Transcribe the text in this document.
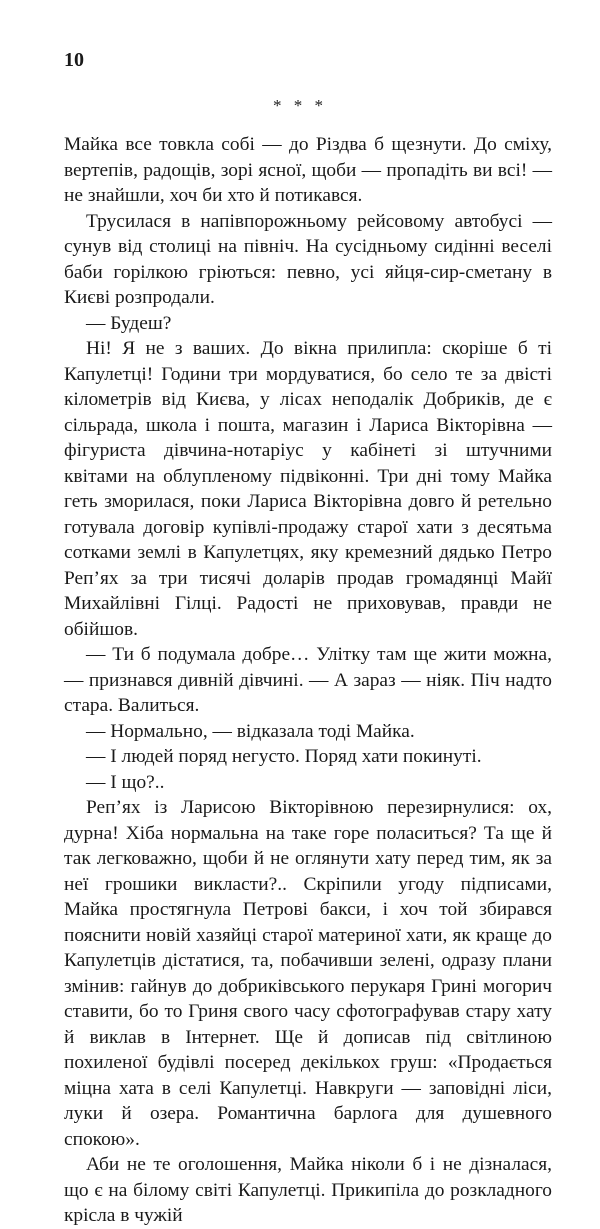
10
* * *

Майка все товкла собі — до Різдва б щезнути. До сміху, вертепів, радощів, зорі ясної, щоби — пропадіть ви всі! — не знайшли, хоч би хто й потикався.

Трусилася в напівпорожньому рейсовому автобусі — сунув від столиці на північ. На сусідньому сидінні веселі баби горілкою гріються: певно, усі яйця-сир-сметану в Києві розпродали.

— Будеш?

Ні! Я не з ваших. До вікна прилипла: скоріше б ті Капулетці! Години три мордуватися, бо село те за двісті кілометрів від Києва, у лісах неподалік Добриків, де є сільрада, школа і пошта, магазин і Лариса Вікторівна — фігуриста дівчина-нотаріус у кабінеті зі штучними квітами на облупленому підвіконні. Три дні тому Майка геть зморилася, поки Лариса Вікторівна довго й ретельно готувала договір купівлі-продажу старої хати з десятьма сотками землі в Капулетцях, яку кремезний дядько Петро Реп’ях за три тисячі доларів продав громадянці Майї Михайлівні Гілці. Радості не приховував, правди не обійшов.

— Ти б подумала добре… Улітку там ще жити можна, — признався дивній дівчині. — А зараз — ніяк. Піч надто стара. Валиться.

— Нормально, — відказала тоді Майка.

— І людей поряд негусто. Поряд хати покинуті.

— І що?..

Реп’ях із Ларисою Вікторівною перезирнулися: ох, дурна! Хіба нормальна на таке горе поласиться? Та ще й так легковажно, щоби й не оглянути хату перед тим, як за неї грошики викласти?.. Скріпили угоду підписами, Майка простягнула Петрові бакси, і хоч той збирався пояснити новій хазяйці старої материної хати, як краще до Капулетців дістатися, та, побачивши зелені, одразу плани змінив: гайнув до добриківського перукаря Грині могорич ставити, бо то Гриня свого часу сфотографував стару хату й виклав в Інтернет. Ще й дописав під світлиною похиленої будівлі посеред декількох груш: «Продається міцна хата в селі Капулетці. Навкруги — заповідні ліси, луки й озера. Романтична барлога для душевного спокою».

Аби не те оголошення, Майка ніколи б і не дізналася, що є на білому світі Капулетці. Прикипіла до розкладного крісла в чужій
